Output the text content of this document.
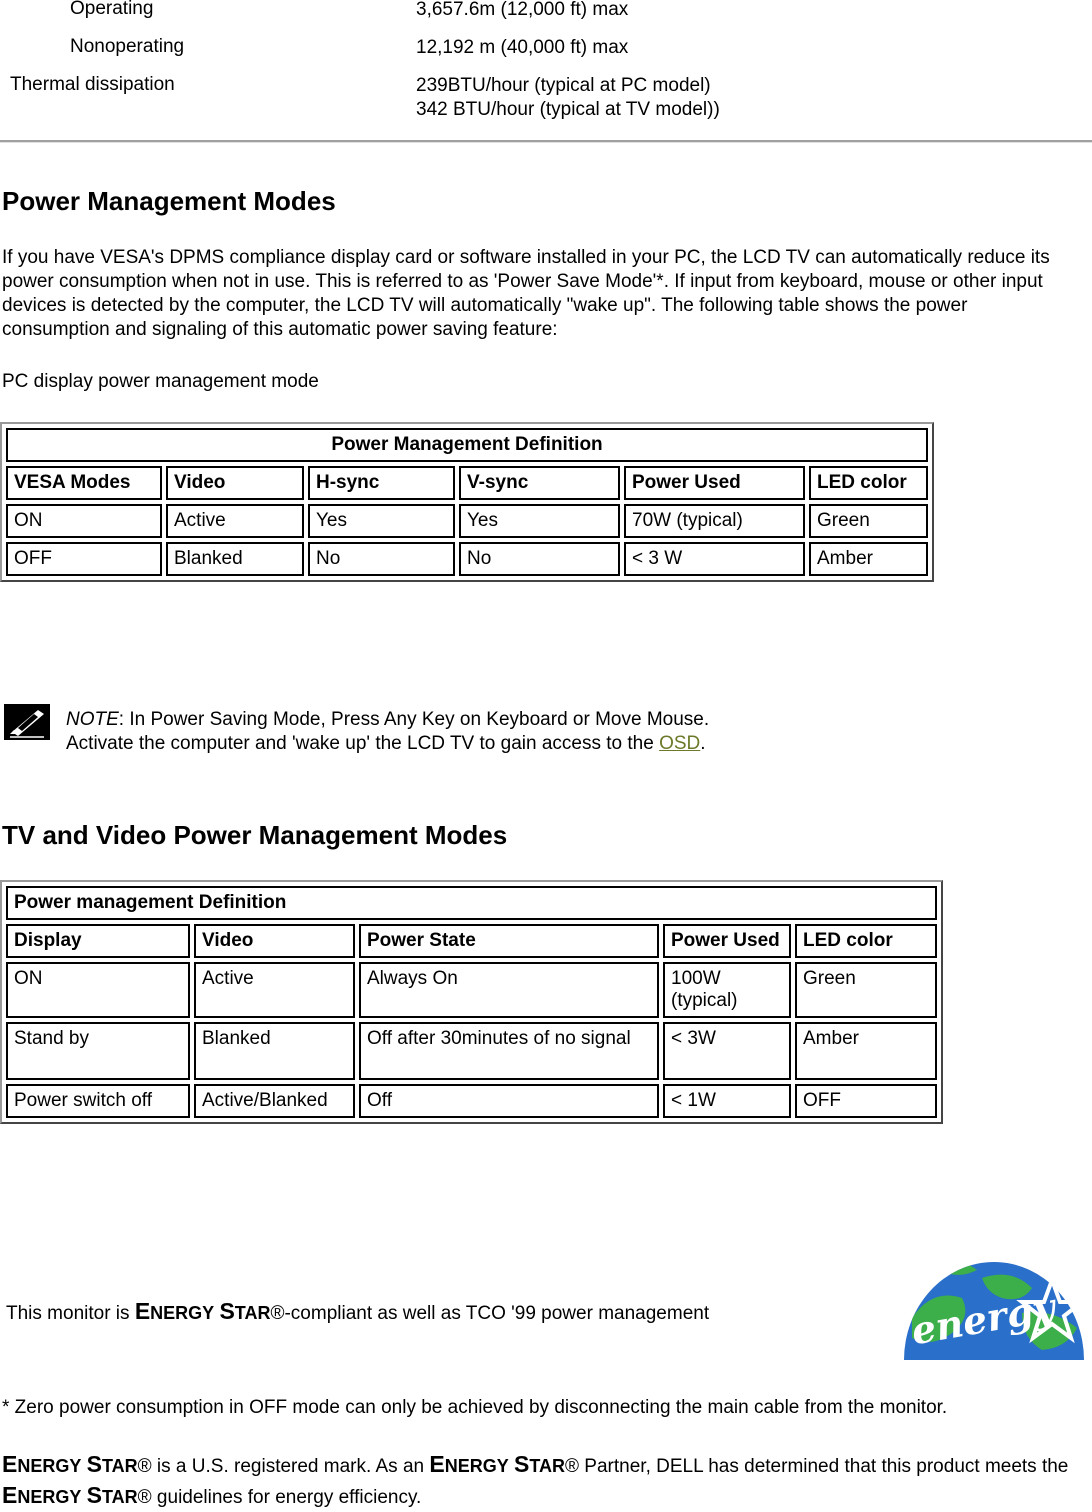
Operating	3,657.6m (12,000 ft) max
Nonoperating	12,192 m (40,000 ft) max
Thermal dissipation	239BTU/hour (typical at PC model)
342 BTU/hour (typical at TV model))
Power Management Modes

If you have VESA's DPMS compliance display card or software installed in your PC, the LCD TV can automatically reduce its power consumption when not in use. This is referred to as 'Power Save Mode'*. If input from keyboard, mouse or other input devices is detected by the computer, the LCD TV will automatically "wake up". The following table shows the power consumption and signaling of this automatic power saving feature:

PC display power management mode

Power Management Definition					
VESA Modes	Video	H-sync	V-sync	Power Used	LED color
ON	Active	Yes	Yes	70W (typical)	Green
OFF	Blanked	No	No	< 3 W	Amber
NOTE: In Power Saving Mode, Press Any Key on Keyboard or Move Mouse.
Activate the computer and 'wake up' the LCD TV to gain access to the OSD.
TV and Video Power Management Modes
Power management Definition				
Display	Video	Power State	Power Used	LED color
ON	Active	Always On	100W (typical)	Green
Stand by	Blanked	Off after 30minutes of no signal	< 3W	Amber
Power switch off	Active/Blanked	Off	< 1W	OFF
This monitor is ENERGY STAR®-compliant as well as TCO '99 power management	energy

* Zero power consumption in OFF mode can only be achieved by disconnecting the main cable from the monitor.

ENERGY STAR® is a U.S. registered mark. As an ENERGY STAR® Partner, DELL has determined that this product meets the ENERGY STAR® guidelines for energy efficiency.
